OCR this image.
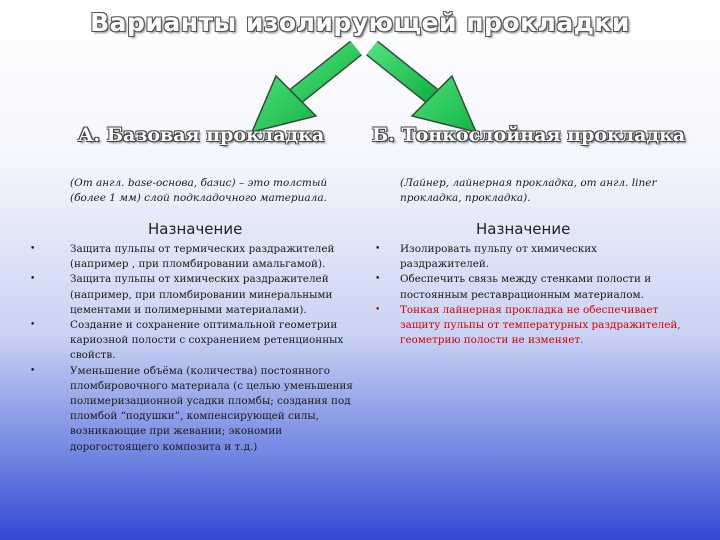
Варианты изолирующей прокладки
А. Базовая прокладка
(От англ. base-основа, базис) – это толстый (более 1 мм) слой подкладочного материала.
Назначение
•	Защита пульпы от термических раздражителей (например , при пломбировании амальгамой).
•	Защита пульпы от химических раздражителей (например, при пломбировании минеральными цементами и полимерными материалами).
•	Создание и сохранение оптимальной геометрии кариозной полости с сохранением ретенционных свойств.
•	Уменьшение объёма (количества) постоянного пломбировочного материала (с целью уменьшения полимеризационной усадки пломбы; создания под пломбой “подушки”, компенсирующей силы, возникающие при жевании; экономии дорогостоящего композита и т.д.)
Б. Тонкослойная прокладка
(Лайнер, лайнерная прокладка, от англ. liner прокладка, прокладка).
Назначение
• Изолировать пульпу от химических раздражителей.
• Обеспечить связь между стенками полости и постоянным реставрационным материалом.
• Тонкая лайнерная прокладка не обеспечивает защиту пульпы от температурных раздражителей, геометрию полости не изменяет.
